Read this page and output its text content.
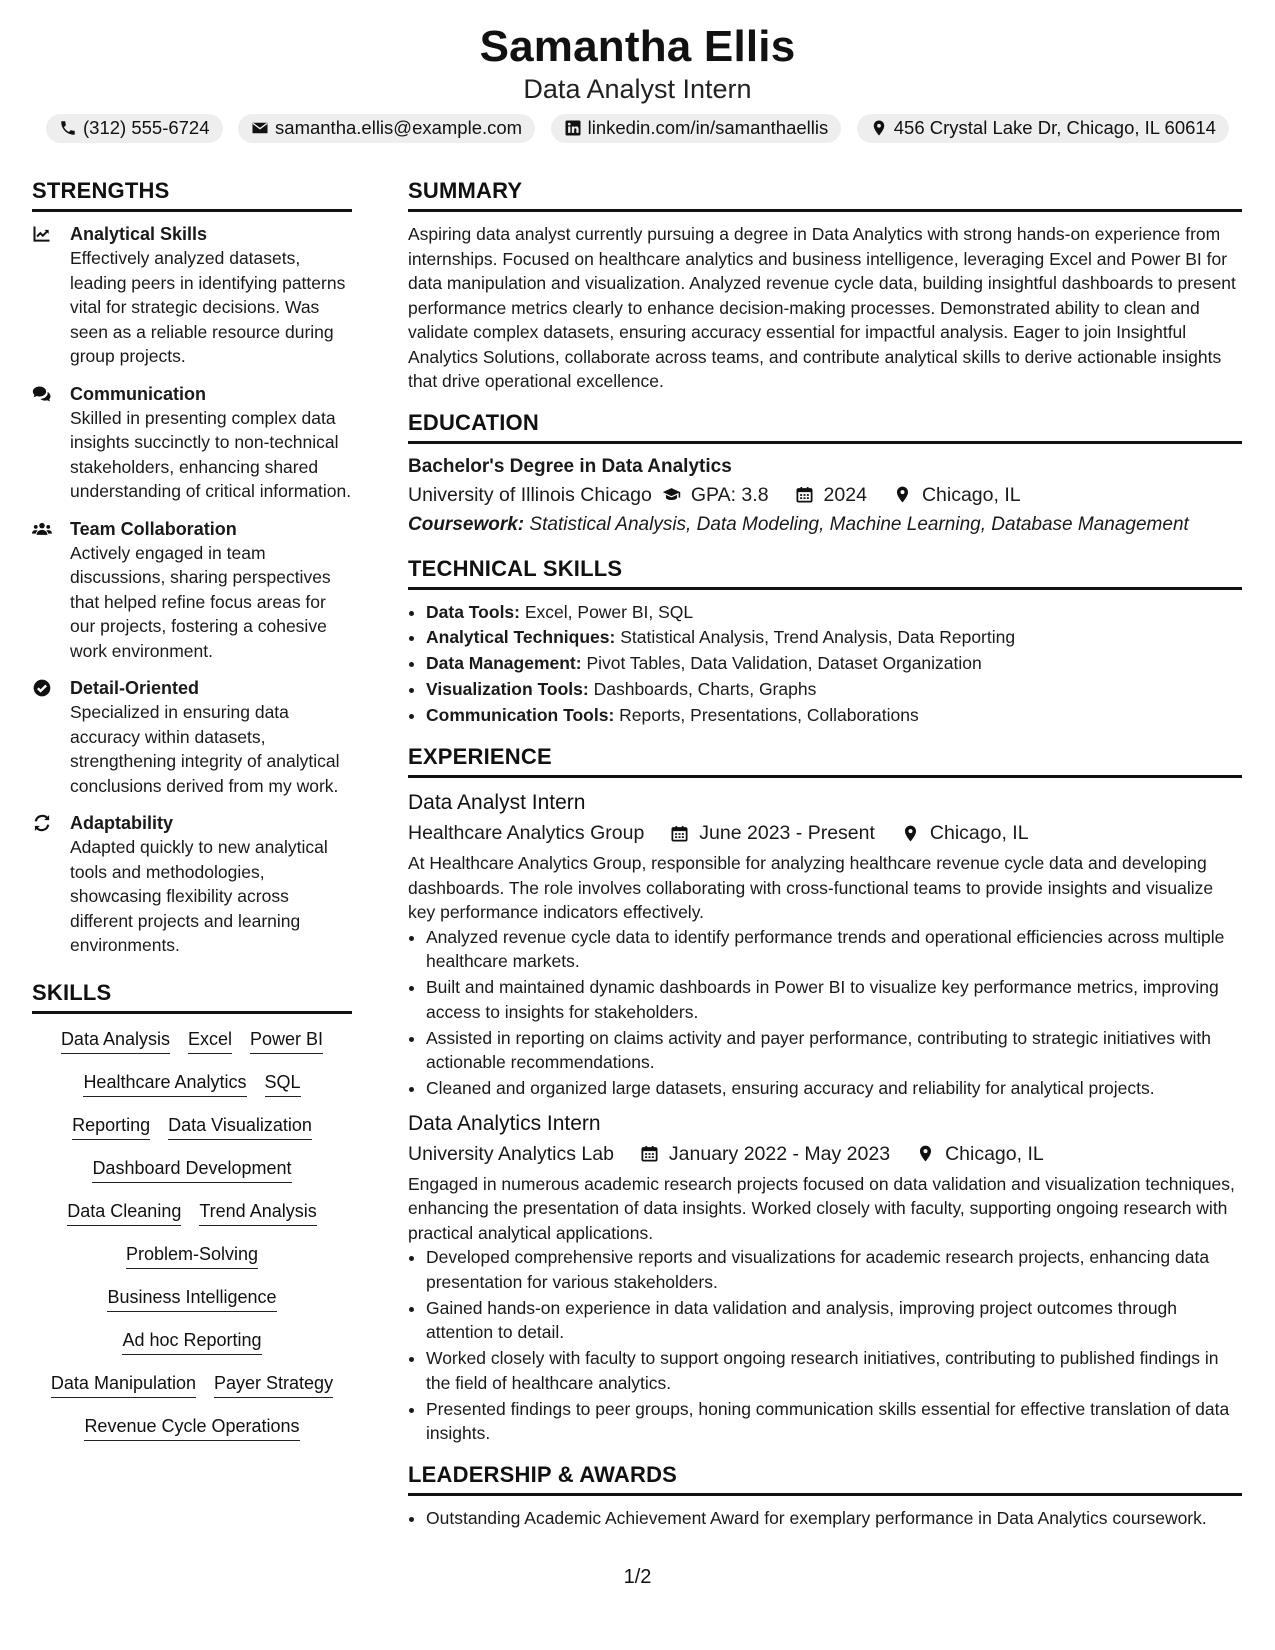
Samantha Ellis
Data Analyst Intern
(312) 555-6724	samantha.ellis@example.com	linkedin.com/in/samanthaellis	456 Crystal Lake Dr, Chicago, IL 60614
STRENGTHS
Analytical Skills
Effectively analyzed datasets, leading peers in identifying patterns vital for strategic decisions. Was seen as a reliable resource during group projects.
Communication
Skilled in presenting complex data insights succinctly to non-technical stakeholders, enhancing shared understanding of critical information.
Team Collaboration
Actively engaged in team discussions, sharing perspectives that helped refine focus areas for our projects, fostering a cohesive work environment.
Detail-Oriented
Specialized in ensuring data accuracy within datasets, strengthening integrity of analytical conclusions derived from my work.
Adaptability
Adapted quickly to new analytical tools and methodologies, showcasing flexibility across different projects and learning environments.
SKILLS
Data Analysis Excel Power BI
Healthcare Analytics SQL
Reporting Data Visualization
Dashboard Development
Data Cleaning Trend Analysis
Problem-Solving
Business Intelligence
Ad hoc Reporting
Data Manipulation Payer Strategy
Revenue Cycle Operations
SUMMARY
Aspiring data analyst currently pursuing a degree in Data Analytics with strong hands-on experience from internships. Focused on healthcare analytics and business intelligence, leveraging Excel and Power BI for data manipulation and visualization. Analyzed revenue cycle data, building insightful dashboards to present performance metrics clearly to enhance decision-making processes. Demonstrated ability to clean and validate complex datasets, ensuring accuracy essential for impactful analysis. Eager to join Insightful Analytics Solutions, collaborate across teams, and contribute analytical skills to derive actionable insights that drive operational excellence.
EDUCATION
Bachelor's Degree in Data Analytics
University of Illinois Chicago GPA: 3.8	2024	Chicago, IL
Coursework: Statistical Analysis, Data Modeling, Machine Learning, Database Management
TECHNICAL SKILLS
• Data Tools: Excel, Power BI, SQL
• Analytical Techniques: Statistical Analysis, Trend Analysis, Data Reporting
• Data Management: Pivot Tables, Data Validation, Dataset Organization
• Visualization Tools: Dashboards, Charts, Graphs
• Communication Tools: Reports, Presentations, Collaborations
EXPERIENCE
Data Analyst Intern
Healthcare Analytics Group	June 2023 - Present	Chicago, IL
At Healthcare Analytics Group, responsible for analyzing healthcare revenue cycle data and developing dashboards. The role involves collaborating with cross-functional teams to provide insights and visualize key performance indicators effectively.
• Analyzed revenue cycle data to identify performance trends and operational efficiencies across multiple healthcare markets.
• Built and maintained dynamic dashboards in Power BI to visualize key performance metrics, improving access to insights for stakeholders.
• Assisted in reporting on claims activity and payer performance, contributing to strategic initiatives with actionable recommendations.
• Cleaned and organized large datasets, ensuring accuracy and reliability for analytical projects.
Data Analytics Intern
University Analytics Lab	January 2022 - May 2023	Chicago, IL
Engaged in numerous academic research projects focused on data validation and visualization techniques, enhancing the presentation of data insights. Worked closely with faculty, supporting ongoing research with practical analytical applications.
• Developed comprehensive reports and visualizations for academic research projects, enhancing data presentation for various stakeholders.
• Gained hands-on experience in data validation and analysis, improving project outcomes through attention to detail.
• Worked closely with faculty to support ongoing research initiatives, contributing to published findings in the field of healthcare analytics.
• Presented findings to peer groups, honing communication skills essential for effective translation of data insights.
LEADERSHIP & AWARDS
• Outstanding Academic Achievement Award for exemplary performance in Data Analytics coursework.
1/2
